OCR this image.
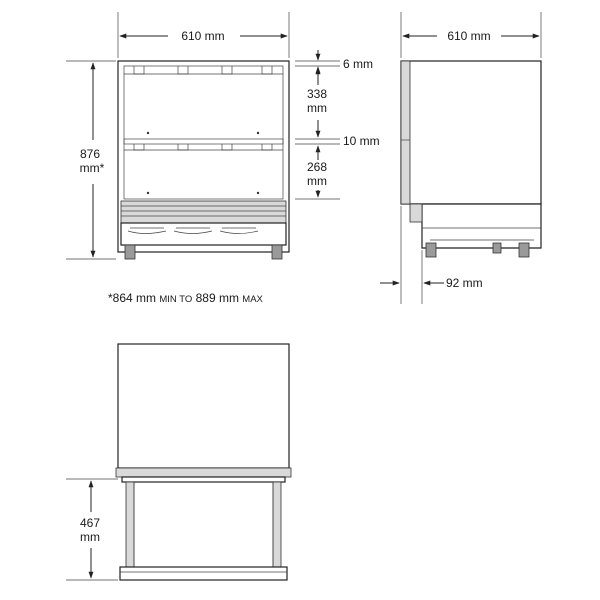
610 mm
876
mm*
6 mm
338
mm
10 mm
268
mm
610 mm
92 mm
*864 mm MIN TO 889 mm MAX
467
mm
